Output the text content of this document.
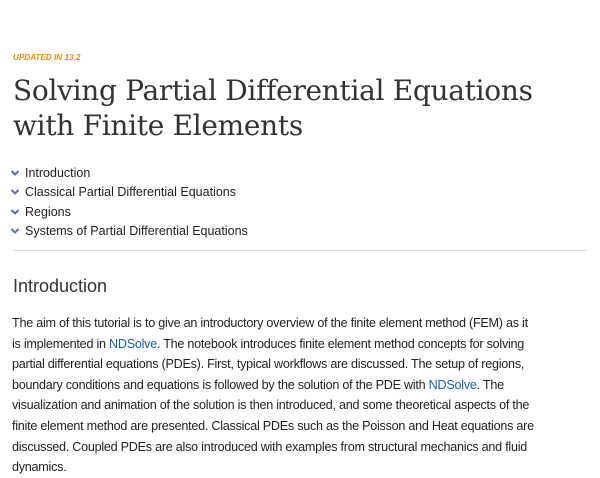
UPDATED IN 13.2
Solving Partial Differential Equations
with Finite Elements
Introduction
Classical Partial Differential Equations
Regions
Systems of Partial Differential Equations
Introduction
The aim of this tutorial is to give an introductory overview of the finite element method (FEM) as it
is implemented in NDSolve. The notebook introduces finite element method concepts for solving
partial differential equations (PDEs). First, typical workflows are discussed. The setup of regions,
boundary conditions and equations is followed by the solution of the PDE with NDSolve. The
visualization and animation of the solution is then introduced, and some theoretical aspects of the
finite element method are presented. Classical PDEs such as the Poisson and Heat equations are
discussed. Coupled PDEs are also introduced with examples from structural mechanics and fluid
dynamics.
